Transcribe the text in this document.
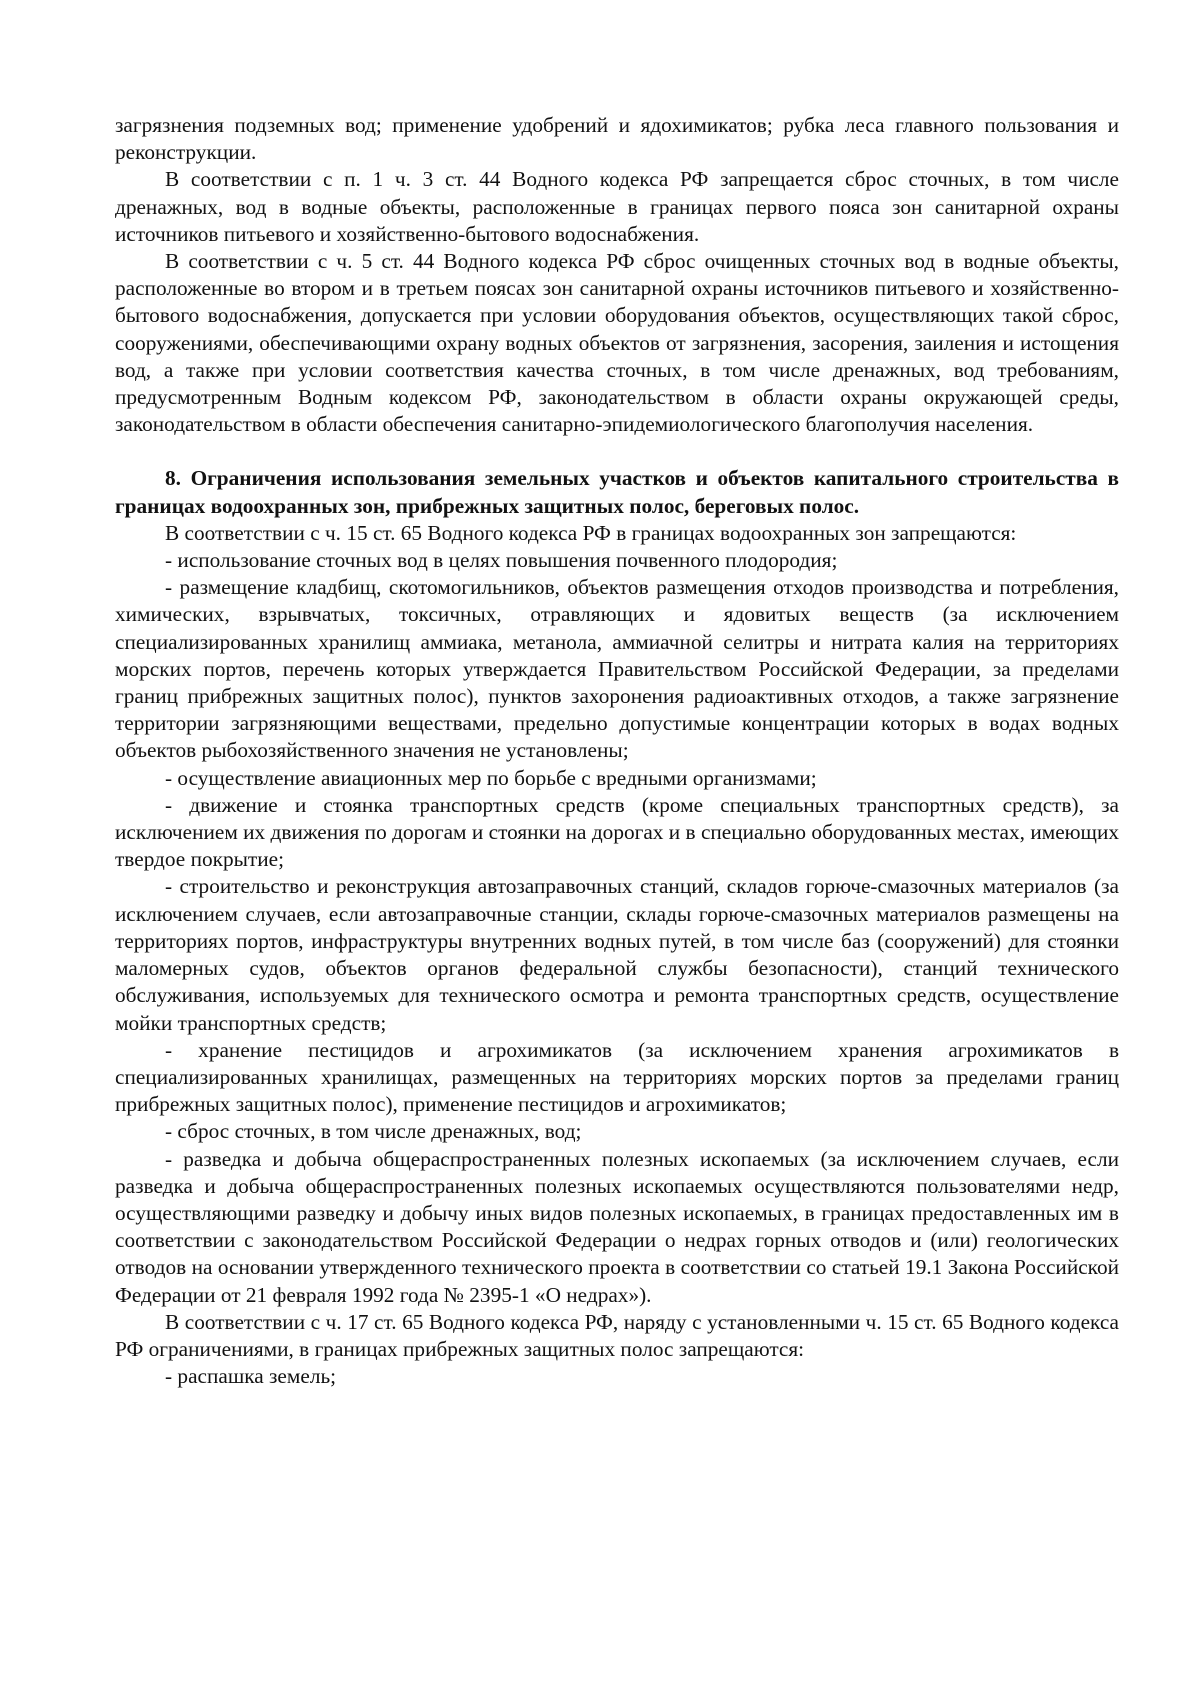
загрязнения подземных вод; применение удобрений и ядохимикатов; рубка леса главного пользования и реконструкции.

В соответствии с п. 1 ч. 3 ст. 44 Водного кодекса РФ запрещается сброс сточных, в том числе дренажных, вод в водные объекты, расположенные в границах первого пояса зон санитарной охраны источников питьевого и хозяйственно-бытового водоснабжения.

В соответствии с ч. 5 ст. 44 Водного кодекса РФ сброс очищенных сточных вод в водные объекты, расположенные во втором и в третьем поясах зон санитарной охраны источников питьевого и хозяйственно-бытового водоснабжения, допускается при условии оборудования объектов, осуществляющих такой сброс, сооружениями, обеспечивающими охрану водных объектов от загрязнения, засорения, заиления и истощения вод, а также при условии соответствия качества сточных, в том числе дренажных, вод требованиям, предусмотренным Водным кодексом РФ, законодательством в области охраны окружающей среды, законодательством в области обеспечения санитарно-эпидемиологического благополучия населения.

8. Ограничения использования земельных участков и объектов капитального строительства в границах водоохранных зон, прибрежных защитных полос, береговых полос.

В соответствии с ч. 15 ст. 65 Водного кодекса РФ в границах водоохранных зон запрещаются:

- использование сточных вод в целях повышения почвенного плодородия;

- размещение кладбищ, скотомогильников, объектов размещения отходов производства и потребления, химических, взрывчатых, токсичных, отравляющих и ядовитых веществ (за исключением специализированных хранилищ аммиака, метанола, аммиачной селитры и нитрата калия на территориях морских портов, перечень которых утверждается Правительством Российской Федерации, за пределами границ прибрежных защитных полос), пунктов захоронения радиоактивных отходов, а также загрязнение территории загрязняющими веществами, предельно допустимые концентрации которых в водах водных объектов рыбохозяйственного значения не установлены;

- осуществление авиационных мер по борьбе с вредными организмами;

- движение и стоянка транспортных средств (кроме специальных транспортных средств), за исключением их движения по дорогам и стоянки на дорогах и в специально оборудованных местах, имеющих твердое покрытие;

- строительство и реконструкция автозаправочных станций, складов горюче-смазочных материалов (за исключением случаев, если автозаправочные станции, склады горюче-смазочных материалов размещены на территориях портов, инфраструктуры внутренних водных путей, в том числе баз (сооружений) для стоянки маломерных судов, объектов органов федеральной службы безопасности), станций технического обслуживания, используемых для технического осмотра и ремонта транспортных средств, осуществление мойки транспортных средств;

- хранение пестицидов и агрохимикатов (за исключением хранения агрохимикатов в специализированных хранилищах, размещенных на территориях морских портов за пределами границ прибрежных защитных полос), применение пестицидов и агрохимикатов;

- сброс сточных, в том числе дренажных, вод;

- разведка и добыча общераспространенных полезных ископаемых (за исключением случаев, если разведка и добыча общераспространенных полезных ископаемых осуществляются пользователями недр, осуществляющими разведку и добычу иных видов полезных ископаемых, в границах предоставленных им в соответствии с законодательством Российской Федерации о недрах горных отводов и (или) геологических отводов на основании утвержденного технического проекта в соответствии со статьей 19.1 Закона Российской Федерации от 21 февраля 1992 года № 2395-1 «О недрах»).

В соответствии с ч. 17 ст. 65 Водного кодекса РФ, наряду с установленными ч. 15 ст. 65 Водного кодекса РФ ограничениями, в границах прибрежных защитных полос запрещаются:

- распашка земель;
